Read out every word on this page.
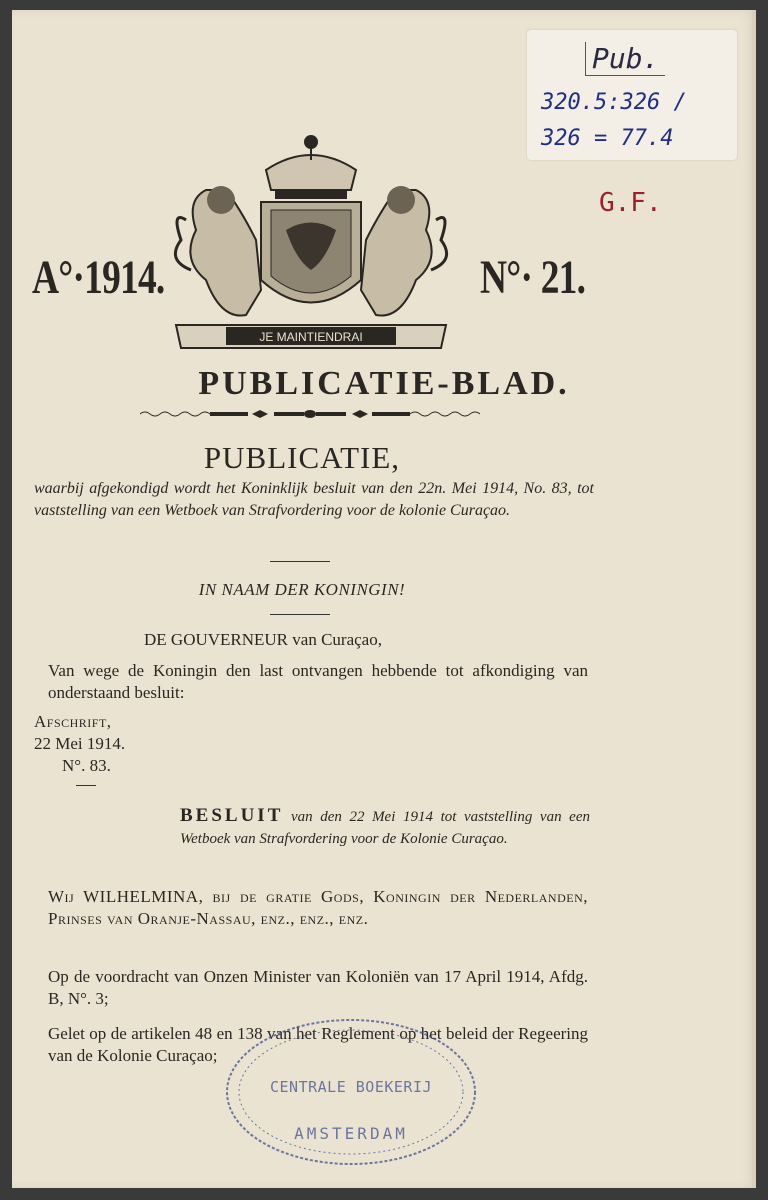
Pub.
320.5:326 /
326 = 77.4
G.F.
A°·1914.	N°· 21.
JE MAINTIENDRAI
PUBLICATIE-BLAD.
PUBLICATIE,
waarbij afgekondigd wordt het Koninklijk besluit van den 22n. Mei 1914, No. 83, tot vaststelling van een Wetboek van Strafvordering voor de kolonie Curaçao.
IN NAAM DER KONINGIN!
DE GOUVERNEUR van Curaçao,
Van wege de Koningin den last ontvangen hebbende tot afkondiging van onderstaand besluit:
Afschrift,
22 Mei 1914.
N°. 83.
BESLUIT van den 22 Mei 1914 tot vaststelling van een Wetboek van Strafvordering voor de Kolonie Curaçao.
Wij WILHELMINA, bij de gratie Gods, Koningin der Nederlanden, Prinses van Oranje-Nassau, enz., enz., enz.
Op de voordracht van Onzen Minister van Koloniën van 17 April 1914, Afdg. B, N°. 3;
Gelet op de artikelen 48 en 138 van het Reglement op het beleid der Regeering van de Kolonie Curaçao;
CENTRALE BOEKERIJ
AMSTERDAM
